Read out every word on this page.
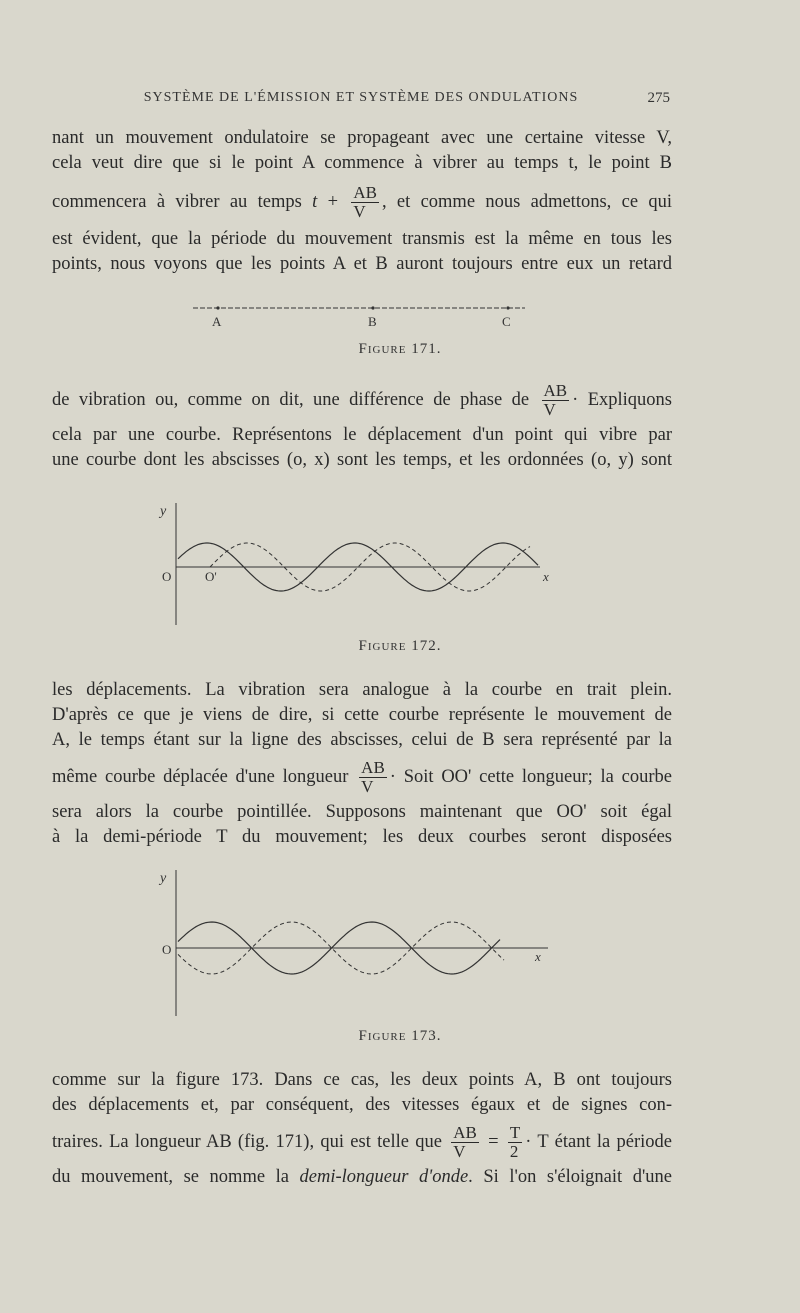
SYSTÈME DE L'ÉMISSION ET SYSTÈME DES ONDULATIONS	275
nant un mouvement ondulatoire se propageant avec une certaine vitesse V,
cela veut dire que si le point A commence à vibrer au temps t, le point B
commencera à vibrer au temps $t + \frac{AB}{V}$ , et comme nous admettons, ce qui
est évident, que la période du mouvement transmis est la même en tous les
points, nous voyons que les points A et B auront toujours entre eux un retard
A	B	C
Figure 171.
de vibration ou, comme on dit, une différence de phase de $\frac{AB}{V}$ · Expliquons
cela par une courbe. Représentons le déplacement d'un point qui vibre par
une courbe dont les abscisses (o, x) sont les temps, et les ordonnées (o, y) sont
y
O	O'	x
Figure 172.
les déplacements. La vibration sera analogue à la courbe en trait plein.
D'après ce que je viens de dire, si cette courbe représente le mouvement de
A, le temps étant sur la ligne des abscisses, celui de B sera représenté par la
même courbe déplacée d'une longueur $\frac{AB}{V}$ · Soit OO' cette longueur; la courbe
sera alors la courbe pointillée. Supposons maintenant que OO' soit égal
à la demi-période T du mouvement; les deux courbes seront disposées
y
O	x
Figure 173.
comme sur la figure 173. Dans ce cas, les deux points A, B ont toujours
des déplacements et, par conséquent, des vitesses égaux et de signes con-
traires. La longueur AB (fig. 171), qui est telle que $\frac{AB}{V} = \frac{T}{2} \cdot T$ étant la période
du mouvement, se nomme la demi-longueur d'onde. Si l'on s'éloignait d'une
